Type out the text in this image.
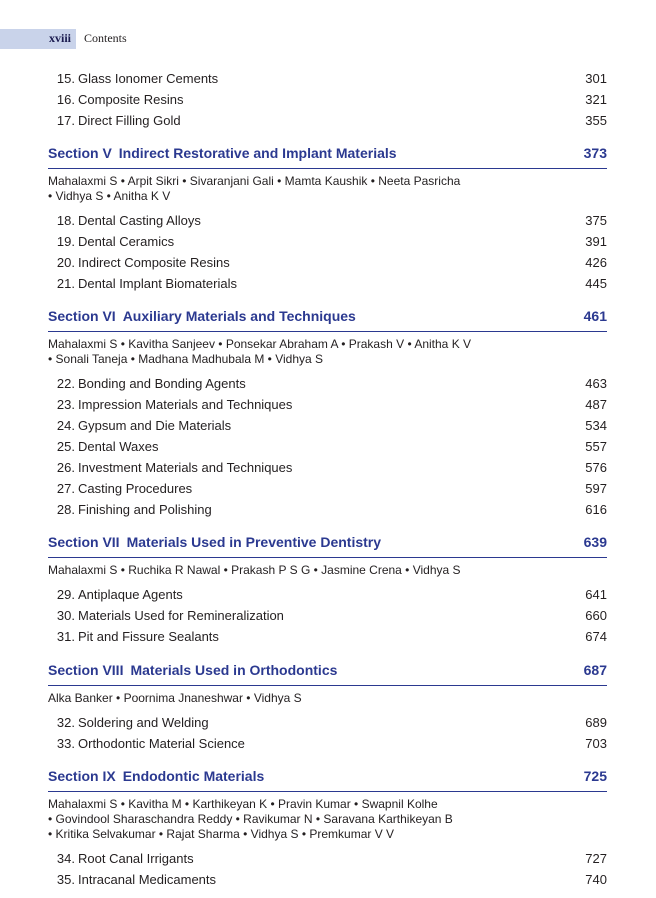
xviii Contents
15. Glass Ionomer Cements	301
16. Composite Resins	321
17. Direct Filling Gold	355
Section V  Indirect Restorative and Implant Materials	373
Mahalaxmi S • Arpit Sikri • Sivaranjani Gali • Mamta Kaushik • Neeta Pasricha
• Vidhya S • Anitha K V
18. Dental Casting Alloys	375
19. Dental Ceramics	391
20. Indirect Composite Resins	426
21. Dental Implant Biomaterials	445
Section VI  Auxiliary Materials and Techniques	461
Mahalaxmi S • Kavitha Sanjeev • Ponsekar Abraham A • Prakash V • Anitha K V
• Sonali Taneja • Madhana Madhubala M • Vidhya S
22. Bonding and Bonding Agents	463
23. Impression Materials and Techniques	487
24. Gypsum and Die Materials	534
25. Dental Waxes	557
26. Investment Materials and Techniques	576
27. Casting Procedures	597
28. Finishing and Polishing	616
Section VII  Materials Used in Preventive Dentistry	639
Mahalaxmi S • Ruchika R Nawal • Prakash P S G • Jasmine Crena • Vidhya S
29. Antiplaque Agents	641
30. Materials Used for Remineralization	660
31. Pit and Fissure Sealants	674
Section VIII  Materials Used in Orthodontics	687
Alka Banker • Poornima Jnaneshwar • Vidhya S
32. Soldering and Welding	689
33. Orthodontic Material Science	703
Section IX  Endodontic Materials	725
Mahalaxmi S • Kavitha M • Karthikeyan K • Pravin Kumar • Swapnil Kolhe
• Govindool Sharaschandra Reddy • Ravikumar N • Saravana Karthikeyan B
• Kritika Selvakumar • Rajat Sharma • Vidhya S • Premkumar V V
34. Root Canal Irrigants	727
35. Intracanal Medicaments	740
